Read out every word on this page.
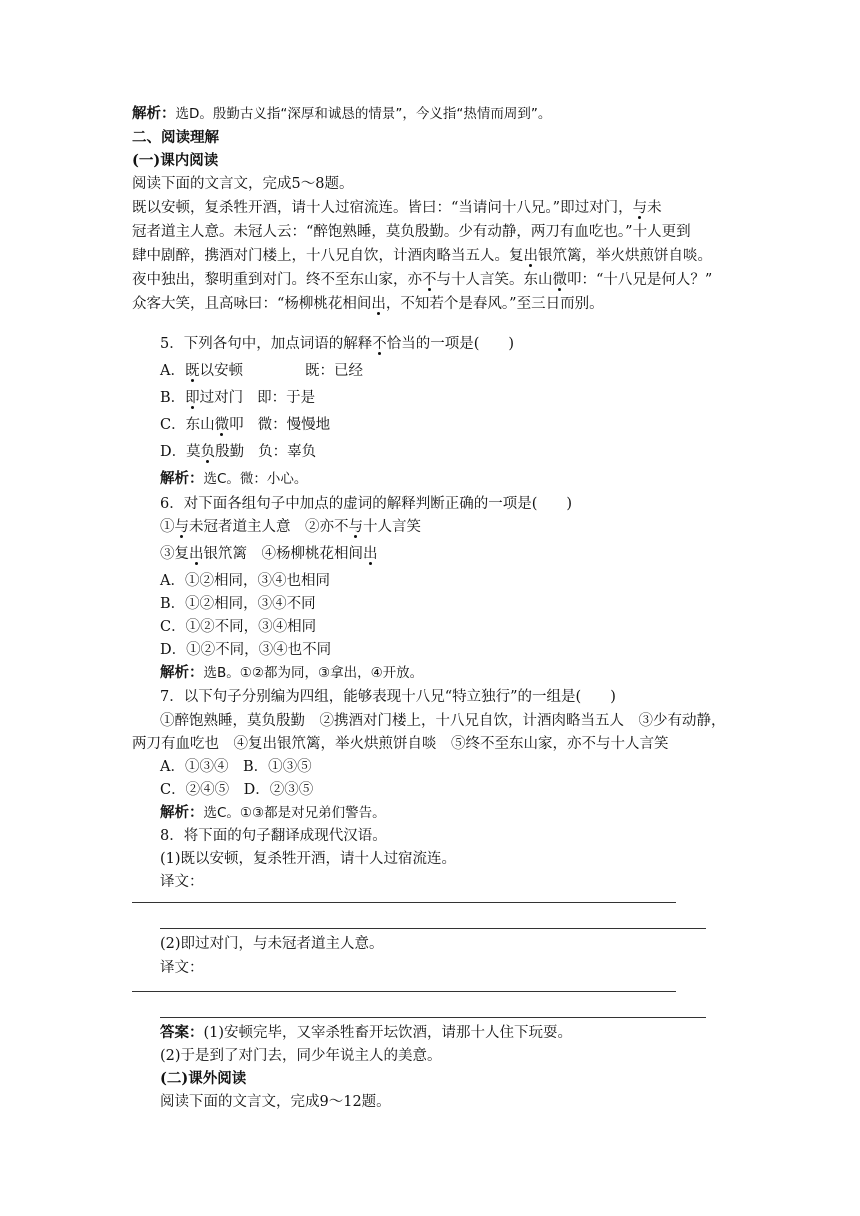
解析：选D。殷勤古义指“深厚和诚恳的情景”，今义指“热情而周到”。
二、阅读理解
(一)课内阅读
阅读下面的文言文，完成5～8题。
既以安顿，复杀牲开酒，请十人过宿流连。皆曰：“当请问十八兄。”即过对门，与未
冠者道主人意。未冠人云：“醉饱熟睡，莫负殷勤。少有动静，两刀有血吃也。”十人更到
肆中剧醉，携酒对门楼上，十八兄自饮，计酒肉略当五人。复出银笊篱，举火烘煎饼自啖。
夜中独出，黎明重到对门。终不至东山家，亦不与十人言笑。东山微叩：“十八兄是何人？”
众客大笑，且高咏曰：“杨柳桃花相间出，不知若个是春风。”至三日而别。
5．下列各句中，加点词语的解释不恰当的一项是(　　)
A．既以安顿	既：已经
B．即过对门 即：于是
C．东山微叩 微：慢慢地
D．莫负殷勤 负：辜负
解析：选C。微：小心。
6．对下面各组句子中加点的虚词的解释判断正确的一项是(　　)
①与未冠者道主人意　②亦不与十人言笑
③复出银笊篱　④杨柳桃花相间出
A．①②相同，③④也相同
B．①②相同，③④不同
C．①②不同，③④相同
D．①②不同，③④也不同
解析：选B。①②都为同，③拿出，④开放。
7．以下句子分别编为四组，能够表现十八兄“特立独行”的一组是(　　)
①醉饱熟睡，莫负殷勤　②携酒对门楼上，十八兄自饮，计酒肉略当五人　③少有动静，
两刀有血吃也　④复出银笊篱，举火烘煎饼自啖　⑤终不至东山家，亦不与十人言笑
A．①③④　B．①③⑤
C．②④⑤　D．②③⑤
解析：选C。①③都是对兄弟们警告。
8．将下面的句子翻译成现代汉语。
(1)既以安顿，复杀牲开酒，请十人过宿流连。
译文：
(2)即过对门，与未冠者道主人意。
译文：
答案：(1)安顿完毕，又宰杀牲畜开坛饮酒，请那十人住下玩耍。
(2)于是到了对门去，同少年说主人的美意。
(二)课外阅读
阅读下面的文言文，完成9～12题。
